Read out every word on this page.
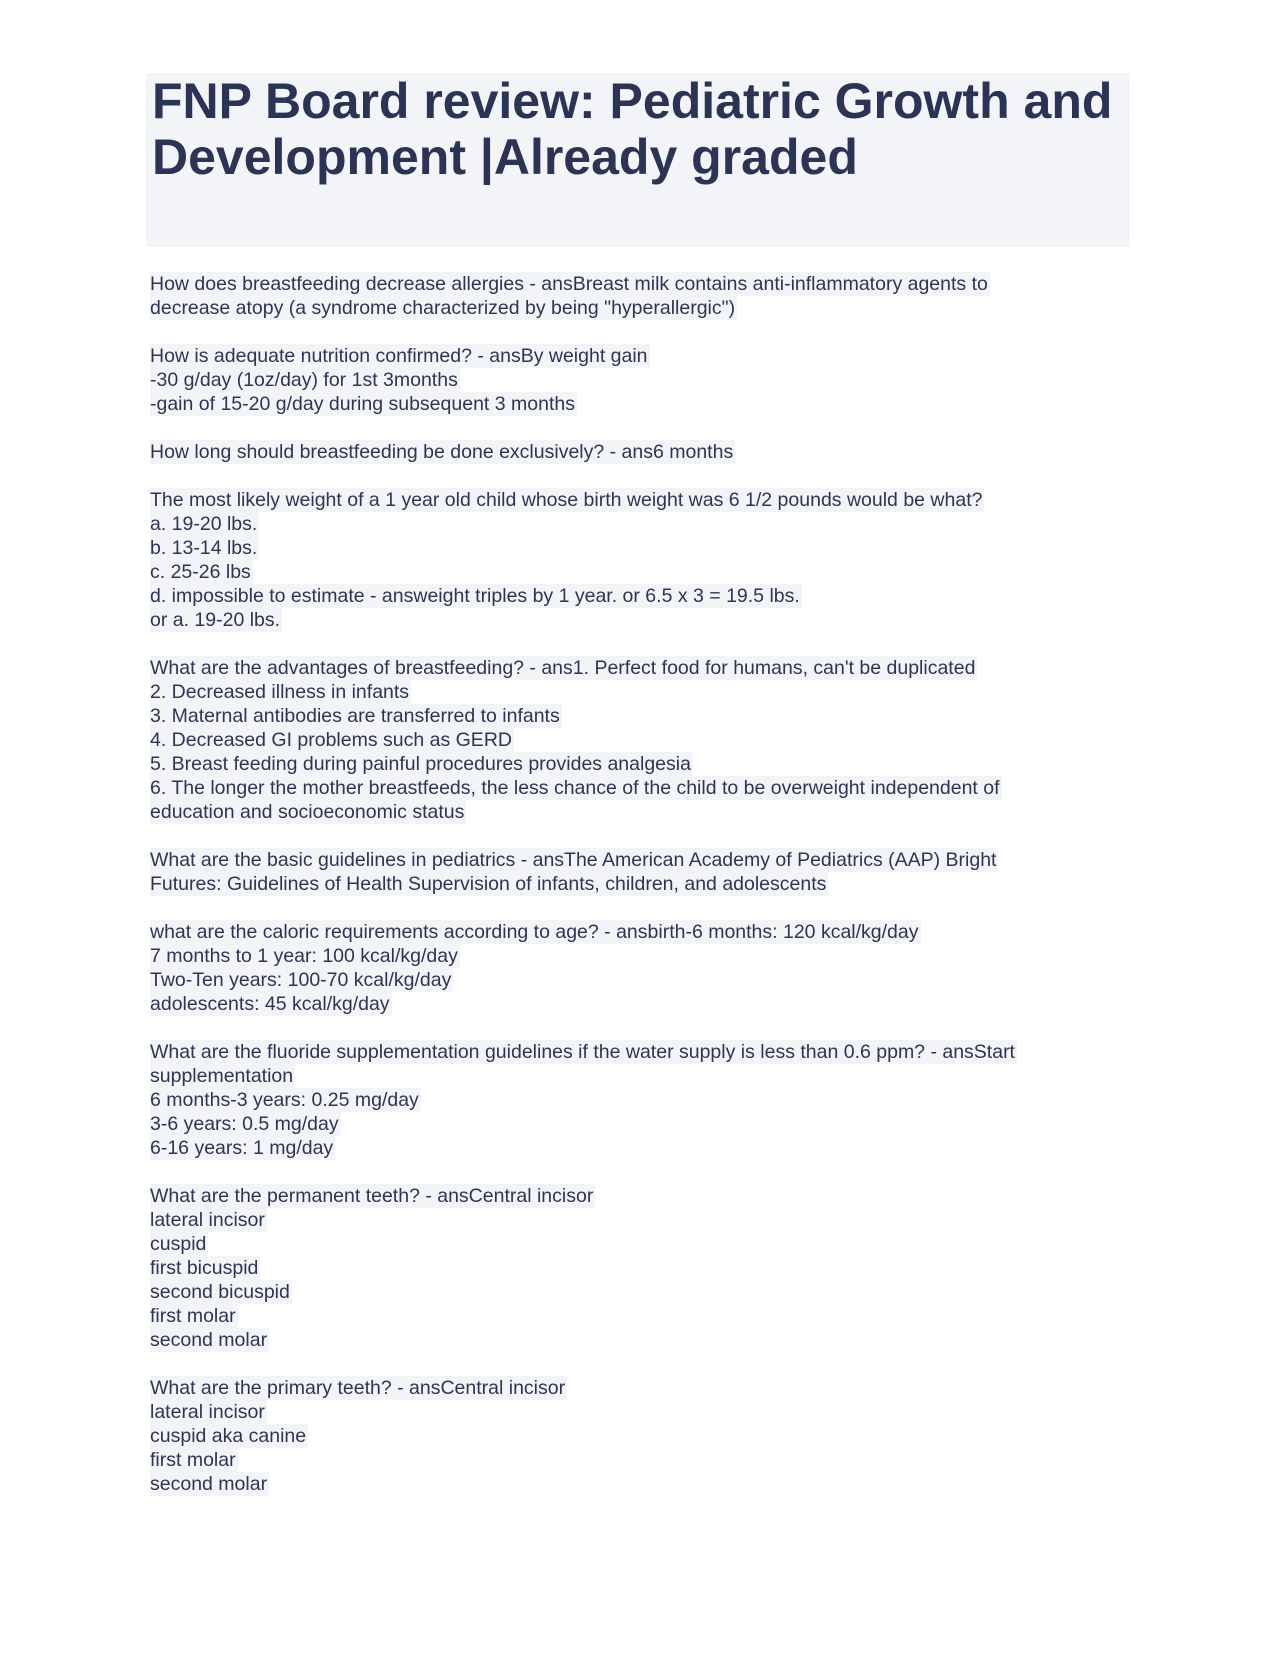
FNP Board review: Pediatric Growth and
Development |Already graded
How does breastfeeding decrease allergies - ansBreast milk contains anti-inflammatory agents to
decrease atopy (a syndrome characterized by being "hyperallergic")
How is adequate nutrition confirmed? - ansBy weight gain
-30 g/day (1oz/day) for 1st 3months
-gain of 15-20 g/day during subsequent 3 months
How long should breastfeeding be done exclusively? - ans6 months
The most likely weight of a 1 year old child whose birth weight was 6 1/2 pounds would be what?
a. 19-20 lbs.
b. 13-14 lbs.
c. 25-26 lbs
d. impossible to estimate - answeight triples by 1 year. or 6.5 x 3 = 19.5 lbs.
or a. 19-20 lbs.
What are the advantages of breastfeeding? - ans1. Perfect food for humans, can't be duplicated
2. Decreased illness in infants
3. Maternal antibodies are transferred to infants
4. Decreased GI problems such as GERD
5. Breast feeding during painful procedures provides analgesia
6. The longer the mother breastfeeds, the less chance of the child to be overweight independent of
education and socioeconomic status
What are the basic guidelines in pediatrics - ansThe American Academy of Pediatrics (AAP) Bright
Futures: Guidelines of Health Supervision of infants, children, and adolescents
what are the caloric requirements according to age? - ansbirth-6 months: 120 kcal/kg/day
7 months to 1 year: 100 kcal/kg/day
Two-Ten years: 100-70 kcal/kg/day
adolescents: 45 kcal/kg/day
What are the fluoride supplementation guidelines if the water supply is less than 0.6 ppm? - ansStart
supplementation
6 months-3 years: 0.25 mg/day
3-6 years: 0.5 mg/day
6-16 years: 1 mg/day
What are the permanent teeth? - ansCentral incisor
lateral incisor
cuspid
first bicuspid
second bicuspid
first molar
second molar
What are the primary teeth? - ansCentral incisor
lateral incisor
cuspid aka canine
first molar
second molar
